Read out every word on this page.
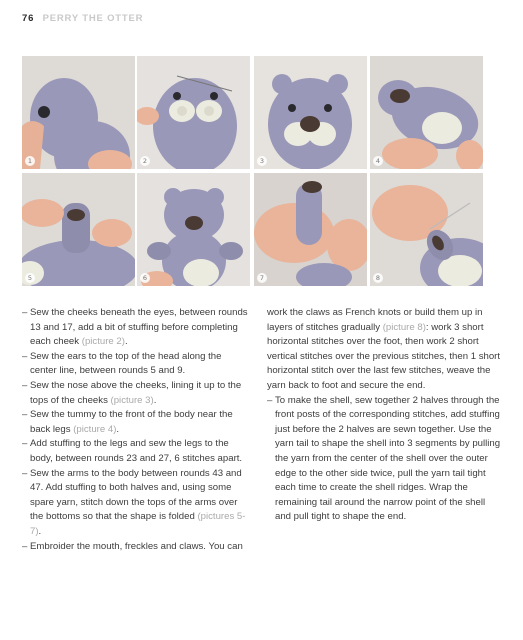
76 PERRY THE OTTER
1	2	3	4
5	6	7	8
– Sew the cheeks beneath the eyes, between rounds 13 and 17, add a bit of stuffing before completing each cheek (picture 2).
– Sew the ears to the top of the head along the center line, between rounds 5 and 9.
– Sew the nose above the cheeks, lining it up to the tops of the cheeks (picture 3).
– Sew the tummy to the front of the body near the back legs (picture 4).
– Add stuffing to the legs and sew the legs to the body, between rounds 23 and 27, 6 stitches apart.
– Sew the arms to the body between rounds 43 and 47. Add stuffing to both halves and, using some spare yarn, stitch down the tops of the arms over the bottoms so that the shape is folded (pictures 5-7).
– Embroider the mouth, freckles and claws. You can

work the claws as French knots or build them up in layers of stitches gradually (picture 8): work 3 short horizontal stitches over the foot, then work 2 short vertical stitches over the previous stitches, then 1 short horizontal stitch over the last few stitches, weave the yarn back to foot and secure the end.

– To make the shell, sew together 2 halves through the front posts of the corresponding stitches, add stuffing just before the 2 halves are sewn together. Use the yarn tail to shape the shell into 3 segments by pulling the yarn from the center of the shell over the outer edge to the other side twice, pull the yarn tail tight each time to create the shell ridges. Wrap the remaining tail around the narrow point of the shell and pull tight to shape the end.
